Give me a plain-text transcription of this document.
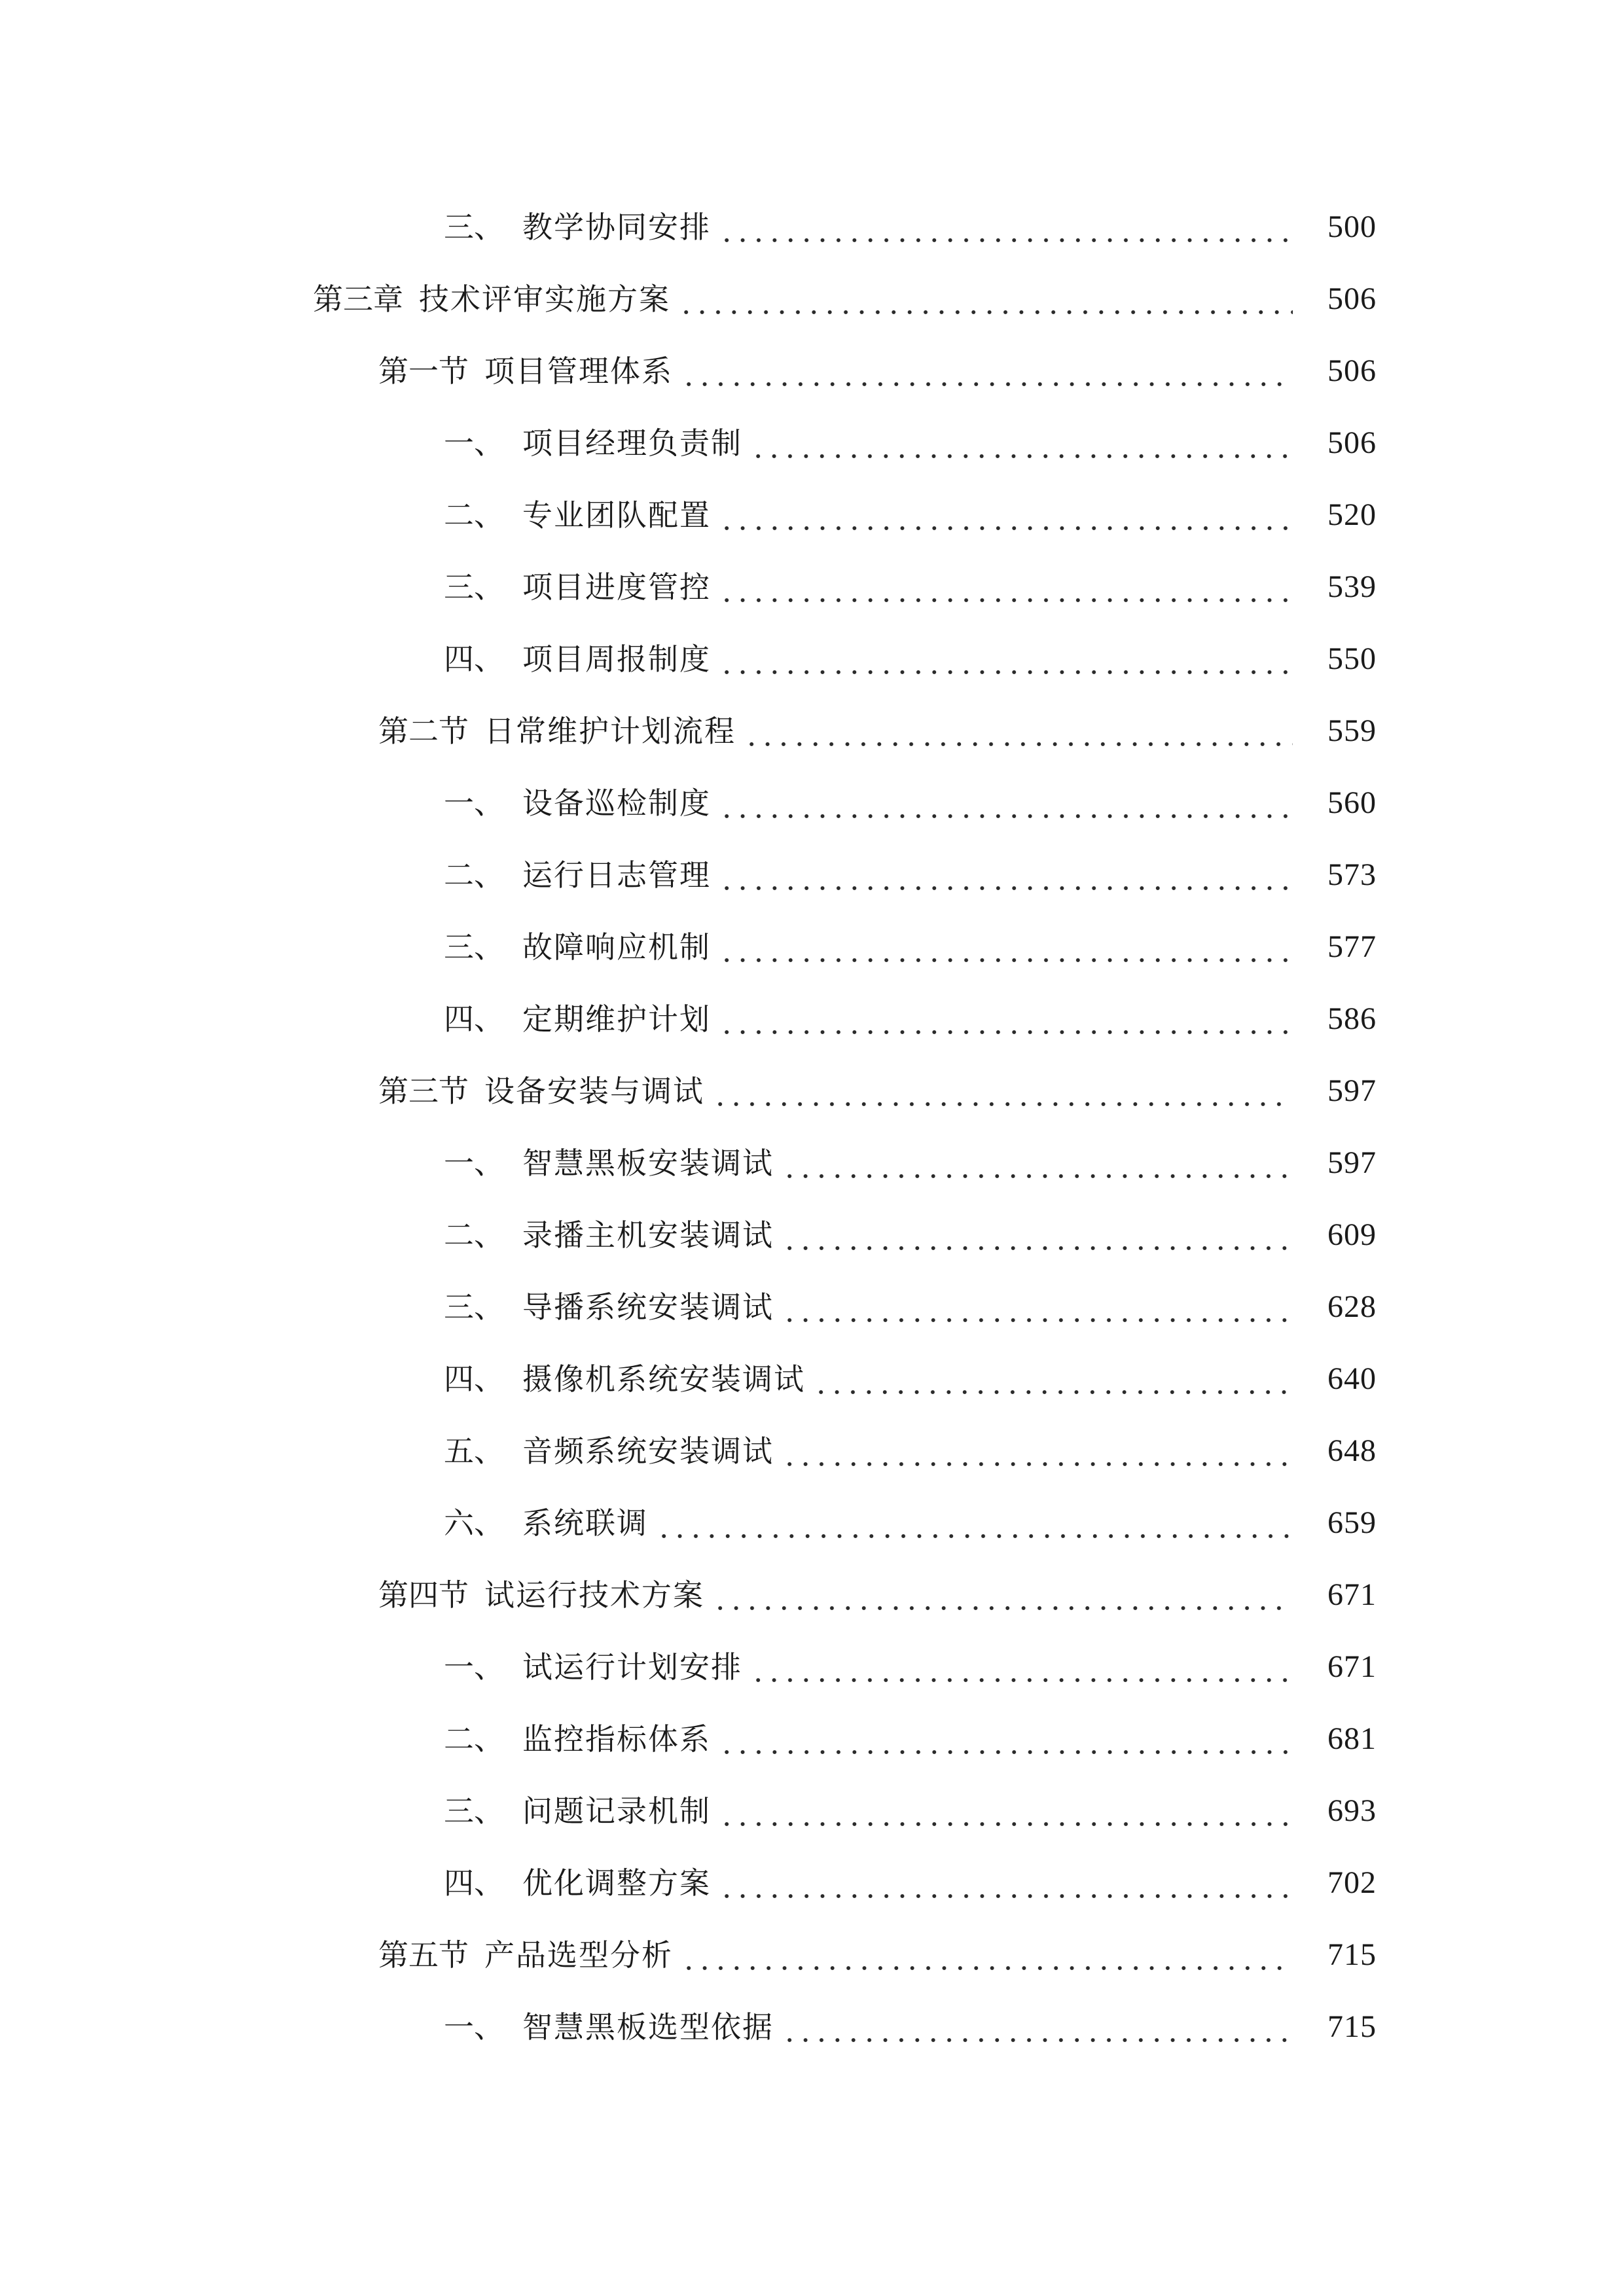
三、 教学协同安排	500
第三章 技术评审实施方案	506
第一节 项目管理体系	506
一、 项目经理负责制	506
二、 专业团队配置	520
三、 项目进度管控	539
四、 项目周报制度	550
第二节 日常维护计划流程	559
一、 设备巡检制度	560
二、 运行日志管理	573
三、 故障响应机制	577
四、 定期维护计划	586
第三节 设备安装与调试	597
一、 智慧黑板安装调试	597
二、 录播主机安装调试	609
三、 导播系统安装调试	628
四、 摄像机系统安装调试	640
五、 音频系统安装调试	648
六、 系统联调	659
第四节 试运行技术方案	671
一、 试运行计划安排	671
二、 监控指标体系	681
三、 问题记录机制	693
四、 优化调整方案	702
第五节 产品选型分析	715
一、 智慧黑板选型依据	715
